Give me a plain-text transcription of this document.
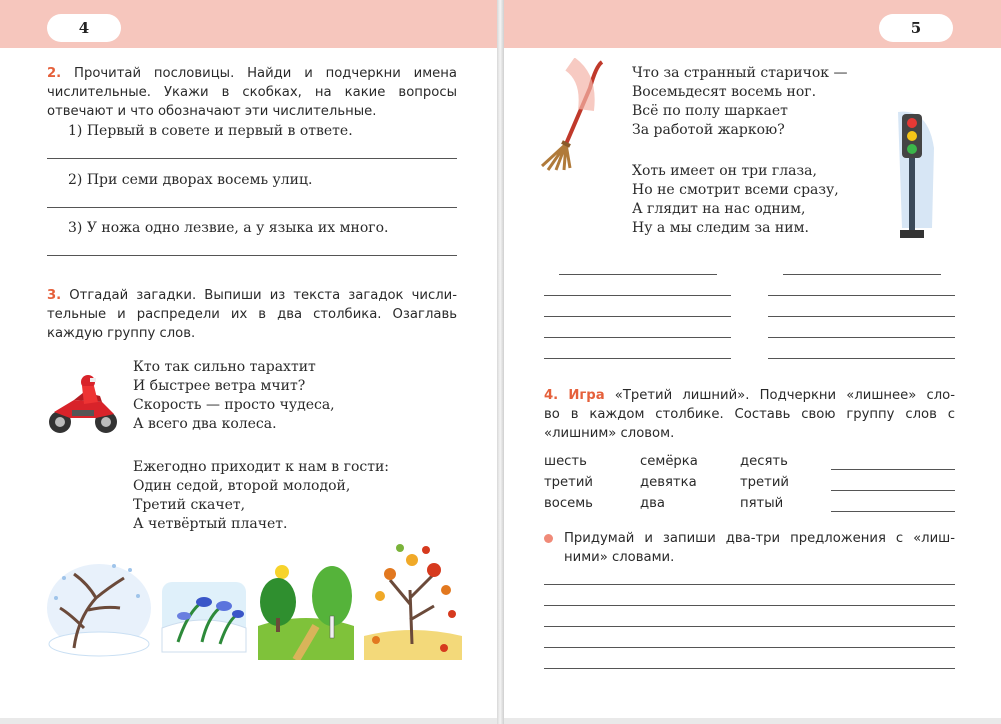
4
2. Прочитай пословицы. Найди и подчеркни имена
числительные. Укажи в скобках, на какие вопросы
отвечают и что обозначают эти числительные.
1) Первый в совете и первый в ответе.
2) При семи дворах восемь улиц.
3) У ножа одно лезвие, а у языка их много.
3. Отгадай загадки. Выпиши из текста загадок числи-
тельные и распредели их в два столбика. Озаглавь
каждую группу слов.
Кто так сильно тарахтит
И быстрее ветра мчит?
Скорость — просто чудеса,
А всего два колеса.
Ежегодно приходит к нам в гости:
Один седой, второй молодой,
Третий скачет,
А четвёртый плачет.
5
Что за странный старичок —
Восемьдесят восемь ног.
Всё по полу шаркает
За работой жаркою?
Хоть имеет он три глаза,
Но не смотрит всеми сразу,
А глядит на нас одним,
Ну а мы следим за ним.
4. Игра «Третий лишний». Подчеркни «лишнее» сло-
во в каждом столбике. Составь свою группу слов с
«лишним» словом.
шесть
третий
восемь
семёрка
девятка
два
десять
третий
пятый
Придумай и запиши два-три предложения с «лиш-
ними» словами.
